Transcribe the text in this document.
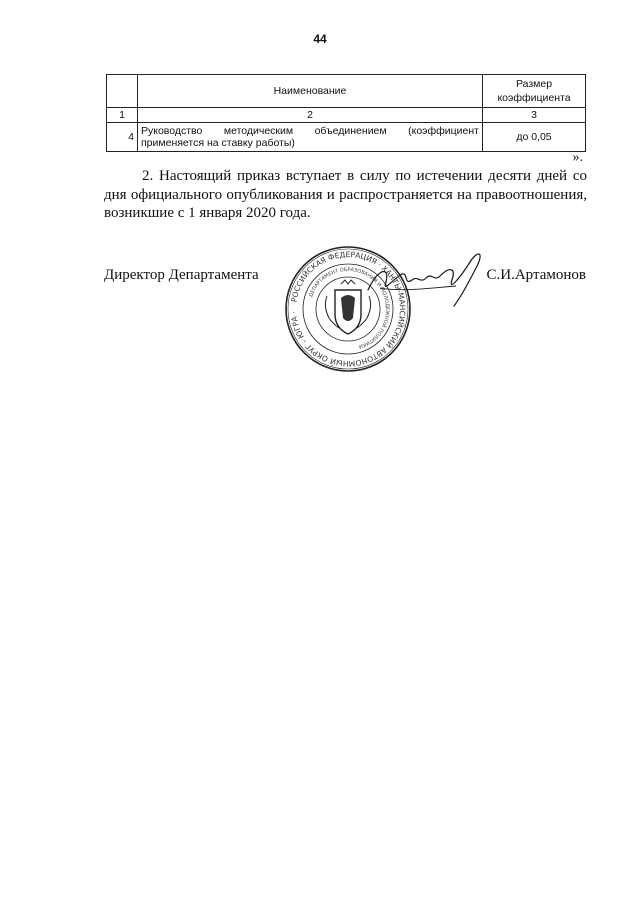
44
	Наименование	Размер коэффициента
1	2	3
4	Руководство методическим объединением (коэффициент применяется на ставку работы)	до 0,05
».
2. Настоящий приказ вступает в силу по истечении десяти дней со дня официального опубликования и распространяется на правоотношения, возникшие с 1 января 2020 года.
Директор Департамента	С.И.Артамонов
РОССИЙСКАЯ ФЕДЕРАЦИЯ · ХАНТЫ-МАНСИЙСКИЙ АВТОНОМНЫЙ ОКРУГ - ЮГРА ·
ДЕПАРТАМЕНТ ОБРАЗОВАНИЯ И МОЛОДЕЖНОЙ ПОЛИТИКИ
